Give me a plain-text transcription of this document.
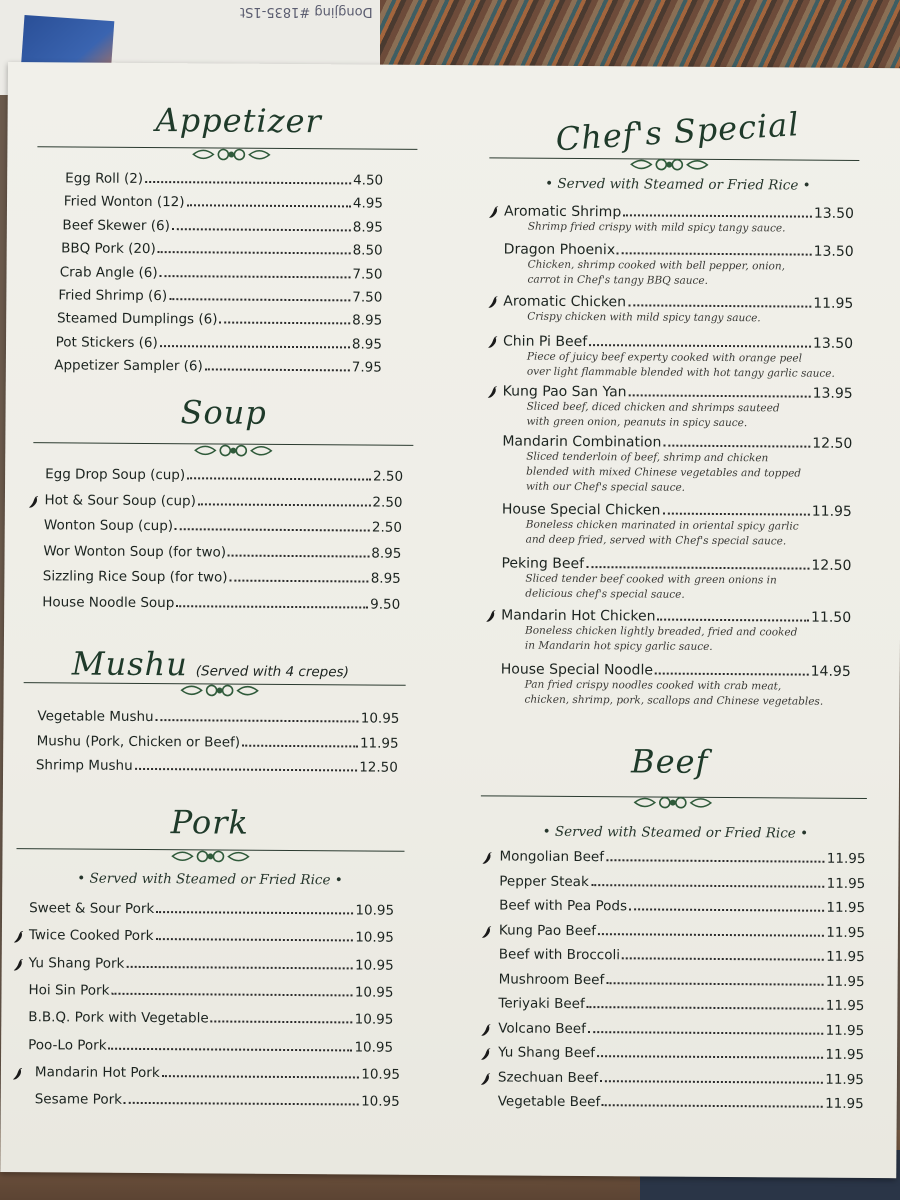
Dongjing #1835-1St
Appetizer
Soup
Mushu (Served with 4 crepes)
Pork
• Served with Steamed or Fried Rice •
Chef's Special
• Served with Steamed or Fried Rice •
Beef
• Served with Steamed or Fried Rice •
Egg Roll (2)	4.50
Fried Wonton (12)	4.95
Beef Skewer (6)	8.95
BBQ Pork (20)	8.50
Crab Angle (6)	7.50
Fried Shrimp (6)	7.50
Steamed Dumplings (6)	8.95
Pot Stickers (6)	8.95
Appetizer Sampler (6)	7.95
Egg Drop Soup (cup)	2.50
Hot & Sour Soup (cup)	2.50
Wonton Soup (cup)	2.50
Wor Wonton Soup (for two)	8.95
Sizzling Rice Soup (for two)	8.95
House Noodle Soup	9.50
Vegetable Mushu	10.95
Mushu (Pork, Chicken or Beef)	11.95
Shrimp Mushu	12.50
Sweet & Sour Pork	10.95
Twice Cooked Pork	10.95
Yu Shang Pork	10.95
Hoi Sin Pork	10.95
B.B.Q. Pork with Vegetable	10.95
Poo-Lo Pork	10.95
Mandarin Hot Pork	10.95
Sesame Pork	10.95
Aromatic Shrimp	13.50
Shrimp fried crispy with mild spicy tangy sauce.
Dragon Phoenix	13.50
Chicken, shrimp cooked with bell pepper, onion,
carrot in Chef's tangy BBQ sauce.
Aromatic Chicken	11.95
Crispy chicken with mild spicy tangy sauce.
Chin Pi Beef	13.50
Piece of juicy beef experty cooked with orange peel
over light flammable blended with hot tangy garlic sauce.
Kung Pao San Yan	13.95
Sliced beef, diced chicken and shrimps sauteed
with green onion, peanuts in spicy sauce.
Mandarin Combination	12.50
Sliced tenderloin of beef, shrimp and chicken
blended with mixed Chinese vegetables and topped
with our Chef's special sauce.
House Special Chicken	11.95
Boneless chicken marinated in oriental spicy garlic
and deep fried, served with Chef's special sauce.
Peking Beef	12.50
Sliced tender beef cooked with green onions in
delicious chef's special sauce.
Mandarin Hot Chicken	11.50
Boneless chicken lightly breaded, fried and cooked
in Mandarin hot spicy garlic sauce.
House Special Noodle	14.95
Pan fried crispy noodles cooked with crab meat,
chicken, shrimp, pork, scallops and Chinese vegetables.
Mongolian Beef	11.95
Pepper Steak	11.95
Beef with Pea Pods	11.95
Kung Pao Beef	11.95
Beef with Broccoli	11.95
Mushroom Beef	11.95
Teriyaki Beef	11.95
Volcano Beef	11.95
Yu Shang Beef	11.95
Szechuan Beef	11.95
Vegetable Beef	11.95
